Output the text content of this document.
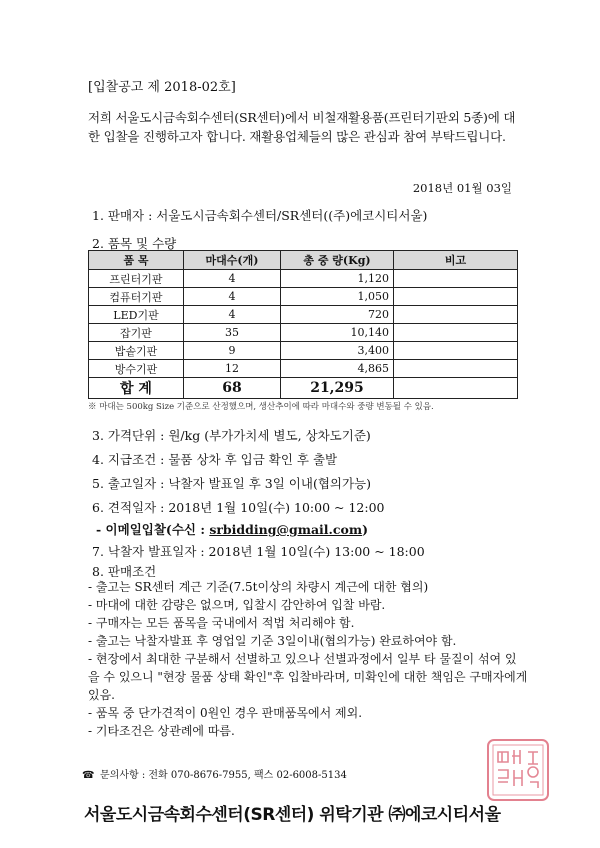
[입찰공고 제 2018-02호]
저희 서울도시금속회수센터(SR센터)에서 비철재활용품(프린터기판외 5종)에 대한 입찰을 진행하고자 합니다. 재활용업체들의 많은 관심과 참여 부탁드립니다.
2018년 01월 03일
1. 판매자 : 서울도시금속회수센터/SR센터((주)에코시티서울)
2. 품목 및 수량
품 목	마대수(개)	총 중 량(Kg)	비고
프린터기판	4	1,120	
컴퓨터기판	4	1,050	
LED기판	4	720	
잡기판	35	10,140	
밥솥기판	9	3,400	
방수기판	12	4,865	
합 계	68	21,295	
※ 마대는 500kg Size 기준으로 산정했으며, 생산추이에 따라 마대수와 중량 변동될 수 있음.
3. 가격단위 : 원/kg (부가가치세 별도, 상차도기준)
4. 지급조건 : 물품 상차 후 입금 확인 후 출발
5. 출고일자 : 낙찰자 발표일 후 3일 이내(협의가능)
6. 견적일자 : 2018년 1월 10일(수) 10:00 ~ 12:00
- 이메일입찰(수신 : srbidding@gmail.com)
7. 낙찰자 발표일자 : 2018년 1월 10일(수) 13:00 ~ 18:00
8. 판매조건
- 출고는 SR센터 계근 기준(7.5t이상의 차량시 계근에 대한 협의)
- 마대에 대한 감량은 없으며, 입찰시 감안하여 입찰 바람.
- 구매자는 모든 품목을 국내에서 적법 처리해야 함.
- 출고는 낙찰자발표 후 영업일 기준 3일이내(협의가능) 완료하여야 함.
- 현장에서 최대한 구분해서 선별하고 있으나 선별과정에서 일부 타 물질이 섞여 있을 수 있으니 "현장 물품 상태 확인"후 입찰바라며, 미확인에 대한 책임은 구매자에게 있음.
- 품목 중 단가견적이 0원인 경우 판매품목에서 제외.
- 기타조건은 상관례에 따름.
☎ 문의사항 : 전화 070-8676-7955, 팩스 02-6008-5134
서울도시금속회수센터(SR센터) 위탁기관 ㈜에코시티서울
